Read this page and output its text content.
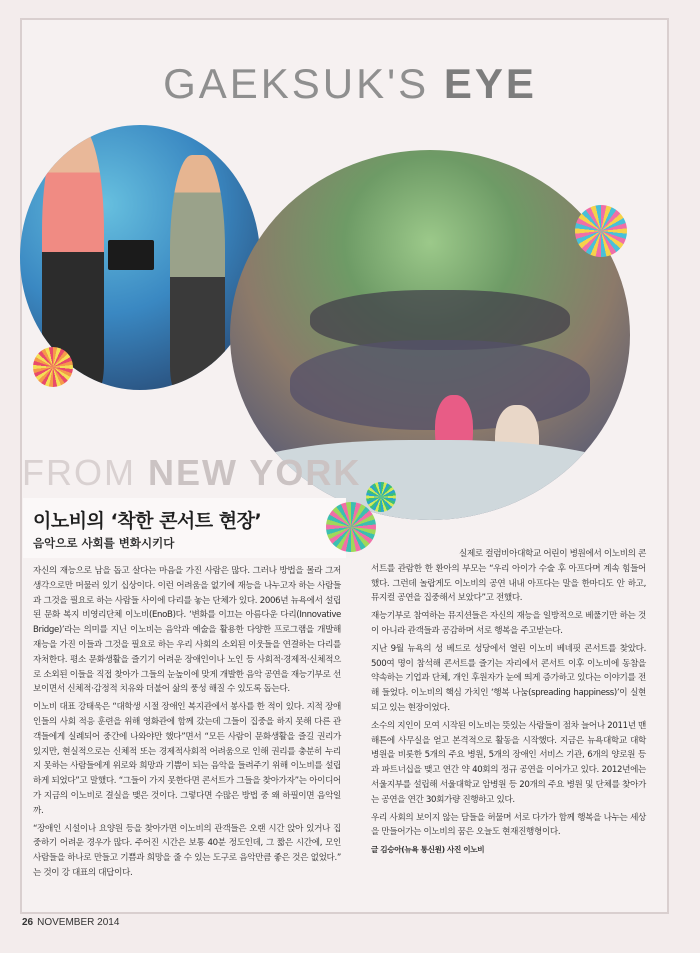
GAEKSUK'S EYE
FROM NEW YORK
이노비의 ‘착한 콘서트 현장’
음악으로 사회를 변화시키다

자신의 재능으로 남을 돕고 살다는 마음을 가진 사람은 많다. 그러나 방법을 몰라 그저 생각으로만 머물러 있기 십상이다. 이런 어려움을 없기에 재능을 나누고자 하는 사람들과 그것을 필요로 하는 사람들 사이에 다리를 놓는 단체가 있다. 2006년 뉴욕에서 설립된 문화 복지 비영리단체 이노비(EnoB)다. ‘변화를 이끄는 아름다운 다리(Innovative Bridge)’라는 의미를 지닌 이노비는 음악과 예술을 활용한 다양한 프로그램을 개발해 재능을 가진 이들과 그것을 필요로 하는 우리 사회의 소외된 이웃들을 연결하는 다리를 자처한다. 평소 문화생활을 즐기기 어려운 장애인이나 노인 등 사회적·경제적·신체적으로 소외된 이들을 직접 찾아가 그들의 눈높이에 맞게 개발한 음악 공연을 재능기부로 선보이면서 신체적·감정적 치유와 더불어 삶의 풍성 해질 수 있도록 돕는다.

이노비 대표 강태욱은 “대학생 시절 장애인 복지관에서 봉사를 한 적이 있다. 지적 장애인들의 사회 적응 훈련을 위해 영화관에 함께 갔는데 그들이 집중을 하지 못해 다른 관객들에게 실례되어 중간에 나와야만 했다”면서 “모든 사람이 문화생활을 즐길 권리가 있지만, 현실적으로는 신체적 또는 경제적사회적 어려움으로 인해 권리를 충분히 누리지 못하는 사람들에게 위로와 희망과 기쁨이 되는 음악을 들려주기 위해 이노비를 설립하게 되었다”고 말했다. “그들이 가지 못한다면 콘서트가 그들을 찾아가자”는 아이디어가 지금의 이노비로 결실을 맺은 것이다. 그렇다면 수많은 방법 중 왜 하필이면 음악일까.

“장애인 시설이나 요양원 등을 찾아가면 이노비의 관객들은 오랜 시간 앉아 있거나 집중하기 어려운 경우가 많다. 주어진 시간은 보통 40분 정도인데, 그 짧은 시간에, 모인 사람들을 하나로 만들고 기쁨과 희망을 줄 수 있는 도구로 음악만큼 좋은 것은 없었다.” 는 것이 강 대표의 대답이다.

실제로 컬럼비아대학교 어린이 병원에서 이노비의 콘서트를 관람한 한 환아의 부모는 “우리 아이가 수술 후 아프다며 계속 힘들어했다. 그런데 놀랍게도 이노비의 공연 내내 아프다는 말을 한마디도 안 하고, 뮤지컬 공연을 집중해서 보았다”고 전했다.

재능기부로 참여하는 뮤지션들은 자신의 재능을 일방적으로 베풀기만 하는 것이 아니라 관객들과 공감하며 서로 행복을 주고받는다.

지난 9월 뉴욕의 성 베드로 성당에서 열린 이노비 베네핏 콘서트를 찾았다. 500여 명이 참석해 콘서트를 즐기는 자리에서 콘서트 이후 이노비에 동참을 약속하는 기업과 단체, 개인 후원자가 눈에 띄게 증가하고 있다는 이야기를 전해 들었다. 이노비의 핵심 가치인 ‘행복 나눔(spreading happiness)’이 실현되고 있는 현장이었다.

소수의 지인이 모여 시작된 이노비는 뜻있는 사람들이 점차 늘어나 2011년 맨해튼에 사무실을 얻고 본격적으로 활동을 시작했다. 지금은 뉴욕대학교 대학병원을 비롯한 5개의 주요 병원, 5개의 장애인 서비스 기관, 6개의 양로원 등과 파트너십을 맺고 연간 약 40회의 정규 공연을 이어가고 있다. 2012년에는 서울지부를 설립해 서울대학교 암병원 등 20개의 주요 병원 및 단체를 찾아가는 공연을 연간 30회가량 진행하고 있다.

우리 사회의 보이지 않는 담들을 허물며 서로 다가가 함께 행복을 나누는 세상을 만들어가는 이노비의 꿈은 오늘도 현재진행형이다.

글 김승아(뉴욕 통신원) 사진 이노비

26 NOVEMBER 2014
